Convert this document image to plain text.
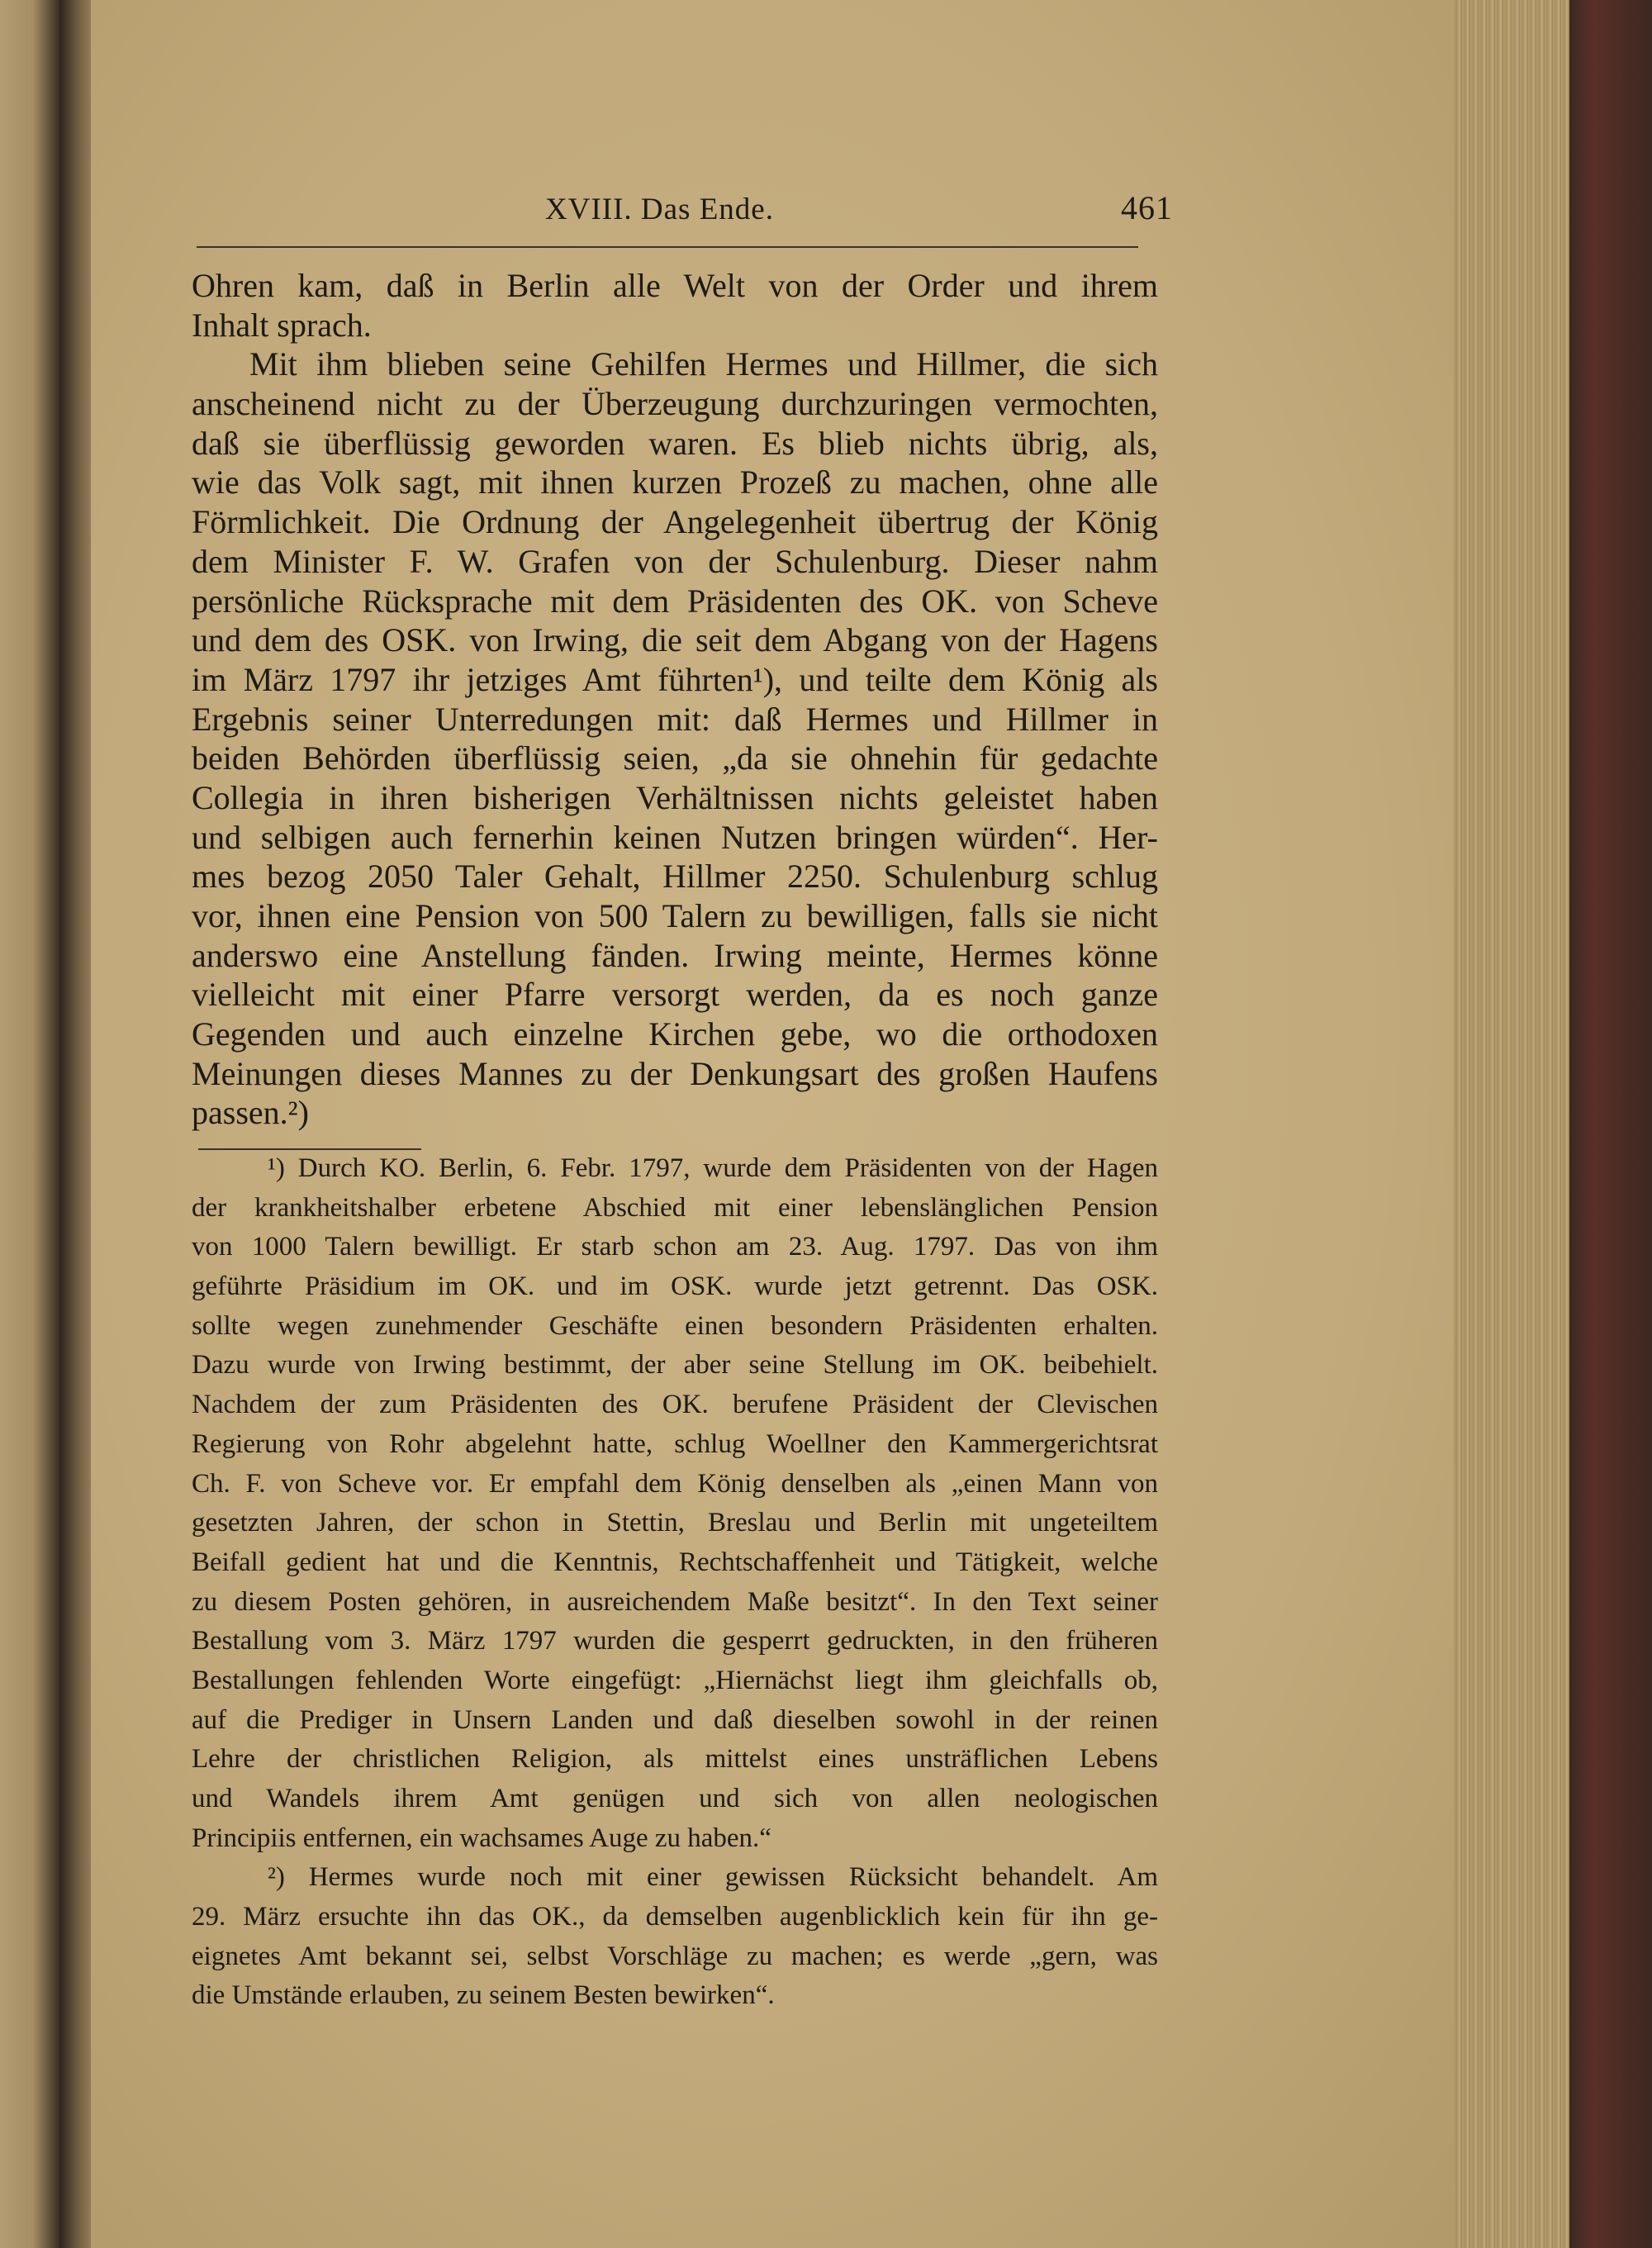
XVIII. Das Ende.	461
Ohren kam, daß in Berlin alle Welt von der Order und ihrem
Inhalt sprach.
Mit ihm blieben seine Gehilfen Hermes und Hillmer, die sich
anscheinend nicht zu der Überzeugung durchzuringen vermochten,
daß sie überflüssig geworden waren. Es blieb nichts übrig, als,
wie das Volk sagt, mit ihnen kurzen Prozeß zu machen, ohne alle
Förmlichkeit. Die Ordnung der Angelegenheit übertrug der König
dem Minister F. W. Grafen von der Schulenburg. Dieser nahm
persönliche Rücksprache mit dem Präsidenten des OK. von Scheve
und dem des OSK. von Irwing, die seit dem Abgang von der Hagens
im März 1797 ihr jetziges Amt führten¹), und teilte dem König als
Ergebnis seiner Unterredungen mit: daß Hermes und Hillmer in
beiden Behörden überflüssig seien, „da sie ohnehin für gedachte
Collegia in ihren bisherigen Verhältnissen nichts geleistet haben
und selbigen auch fernerhin keinen Nutzen bringen würden“. Her-
mes bezog 2050 Taler Gehalt, Hillmer 2250. Schulenburg schlug
vor, ihnen eine Pension von 500 Talern zu bewilligen, falls sie nicht
anderswo eine Anstellung fänden. Irwing meinte, Hermes könne
vielleicht mit einer Pfarre versorgt werden, da es noch ganze
Gegenden und auch einzelne Kirchen gebe, wo die orthodoxen
Meinungen dieses Mannes zu der Denkungsart des großen Haufens
passen.²)
¹) Durch KO. Berlin, 6. Febr. 1797, wurde dem Präsidenten von der Hagen
der krankheitshalber erbetene Abschied mit einer lebenslänglichen Pension
von 1000 Talern bewilligt. Er starb schon am 23. Aug. 1797. Das von ihm
geführte Präsidium im OK. und im OSK. wurde jetzt getrennt. Das OSK.
sollte wegen zunehmender Geschäfte einen besondern Präsidenten erhalten.
Dazu wurde von Irwing bestimmt, der aber seine Stellung im OK. beibehielt.
Nachdem der zum Präsidenten des OK. berufene Präsident der Clevischen
Regierung von Rohr abgelehnt hatte, schlug Woellner den Kammergerichtsrat
Ch. F. von Scheve vor. Er empfahl dem König denselben als „einen Mann von
gesetzten Jahren, der schon in Stettin, Breslau und Berlin mit ungeteiltem
Beifall gedient hat und die Kenntnis, Rechtschaffenheit und Tätigkeit, welche
zu diesem Posten gehören, in ausreichendem Maße besitzt“. In den Text seiner
Bestallung vom 3. März 1797 wurden die gesperrt gedruckten, in den früheren
Bestallungen fehlenden Worte eingefügt: „Hiernächst liegt ihm gleichfalls ob,
auf die Prediger in Unsern Landen und daß dieselben sowohl in der reinen
Lehre der christlichen Religion, als mittelst eines unsträflichen Lebens
und Wandels ihrem Amt genügen und sich von allen neologischen
Principiis entfernen, ein wachsames Auge zu haben.“
²) Hermes wurde noch mit einer gewissen Rücksicht behandelt. Am
29. März ersuchte ihn das OK., da demselben augenblicklich kein für ihn ge-
eignetes Amt bekannt sei, selbst Vorschläge zu machen; es werde „gern, was
die Umstände erlauben, zu seinem Besten bewirken“.
